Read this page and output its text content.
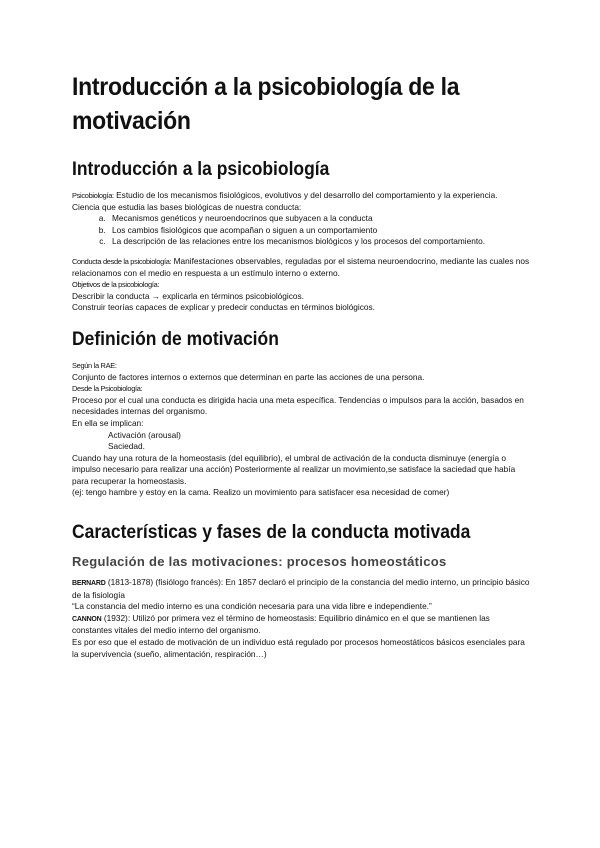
Introducción a la psicobiología de la motivación
Introducción a la psicobiología

Psicobiología: Estudio de los mecanismos fisiológicos, evolutivos y del desarrollo del comportamiento y la experiencia.

Ciencia que estudia las bases biológicas de nuestra conducta:

a. Mecanismos genéticos y neuroendocrinos que subyacen a la conducta
b. Los cambios fisiológicos que acompañan o siguen a un comportamiento
c. La descripción de las relaciones entre los mecanismos biológicos y los procesos del comportamiento.

Conducta desde la psicobiología: Manifestaciones observables, reguladas por el sistema neuroendocrino, mediante las cuales nos relacionamos con el medio en respuesta a un estímulo interno o externo.

Objetivos de la psicobiología:

Describir la conducta → explicarla en términos psicobiológicos.

Construir teorías capaces de explicar y predecir conductas en términos biológicos.

Definición de motivación

Según la RAE:

Conjunto de factores internos o externos que determinan en parte las acciones de una persona.

Desde la Psicobiología:

Proceso por el cual una conducta es dirigida hacia una meta específica. Tendencias o impulsos para la acción, basados en necesidades internas del organismo.

En ella se implican:

Activación (arousal)

Saciedad.

Cuando hay una rotura de la homeostasis (del equilibrio), el umbral de activación de la conducta disminuye (energía o impulso necesario para realizar una acción) Posteriormente al realizar un movimiento,se satisface la saciedad que había para recuperar la homeostasis.

(ej: tengo hambre y estoy en la cama. Realizo un movimiento para satisfacer esa necesidad de comer)

Características y fases de la conducta motivada
Regulación de las motivaciones: procesos homeostáticos

BERNARD (1813-1878) (fisiólogo francés): En 1857 declaró el principio de la constancia del medio interno, un principio básico de la fisiología

“La constancia del medio interno es una condición necesaria para una vida libre e independiente.”

CANNON (1932): Utilizó por primera vez el término de homeostasis: Equilibrio dinámico en el que se mantienen las constantes vitales del medio interno del organismo.

Es por eso que el estado de motivación de un individuo está regulado por procesos homeostáticos básicos esenciales para la supervivencia (sueño, alimentación, respiración…)
